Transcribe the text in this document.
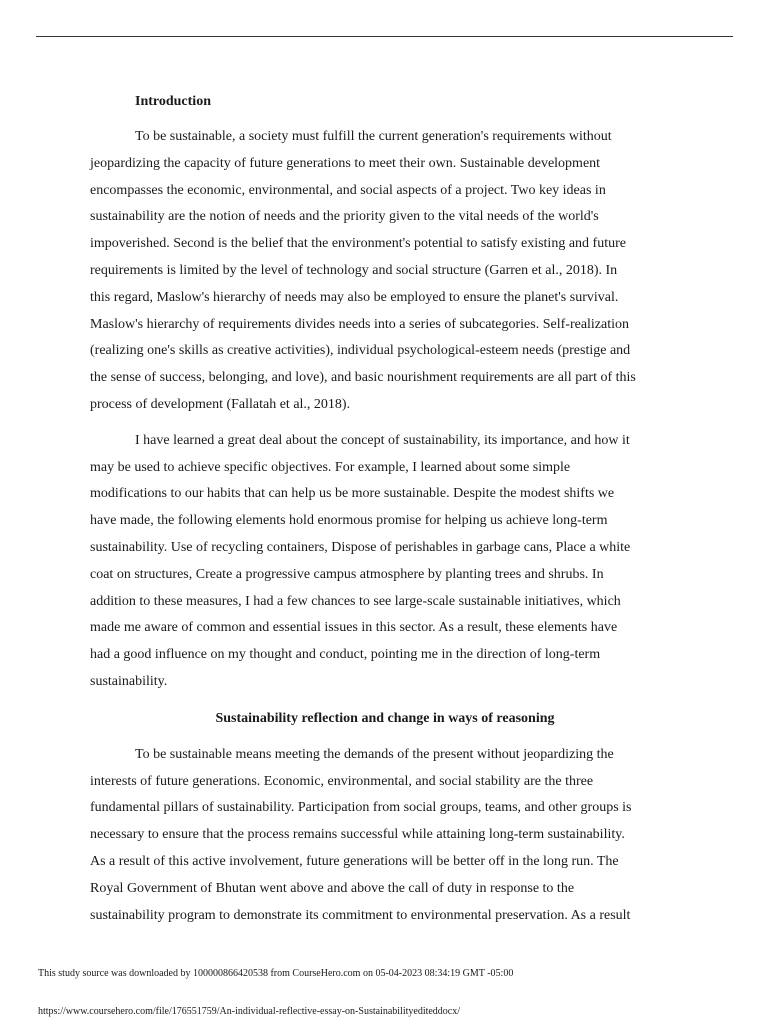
Introduction

To be sustainable, a society must fulfill the current generation's requirements without
jeopardizing the capacity of future generations to meet their own. Sustainable development
encompasses the economic, environmental, and social aspects of a project. Two key ideas in
sustainability are the notion of needs and the priority given to the vital needs of the world's
impoverished. Second is the belief that the environment's potential to satisfy existing and future
requirements is limited by the level of technology and social structure (Garren et al., 2018). In
this regard, Maslow's hierarchy of needs may also be employed to ensure the planet's survival.
Maslow's hierarchy of requirements divides needs into a series of subcategories. Self-realization
(realizing one's skills as creative activities), individual psychological-esteem needs (prestige and
the sense of success, belonging, and love), and basic nourishment requirements are all part of this
process of development (Fallatah et al., 2018).

I have learned a great deal about the concept of sustainability, its importance, and how it
may be used to achieve specific objectives. For example, I learned about some simple
modifications to our habits that can help us be more sustainable. Despite the modest shifts we
have made, the following elements hold enormous promise for helping us achieve long-term
sustainability. Use of recycling containers, Dispose of perishables in garbage cans, Place a white
coat on structures, Create a progressive campus atmosphere by planting trees and shrubs. In
addition to these measures, I had a few chances to see large-scale sustainable initiatives, which
made me aware of common and essential issues in this sector. As a result, these elements have
had a good influence on my thought and conduct, pointing me in the direction of long-term
sustainability.

Sustainability reflection and change in ways of reasoning

To be sustainable means meeting the demands of the present without jeopardizing the
interests of future generations. Economic, environmental, and social stability are the three
fundamental pillars of sustainability. Participation from social groups, teams, and other groups is
necessary to ensure that the process remains successful while attaining long-term sustainability.
As a result of this active involvement, future generations will be better off in the long run. The
Royal Government of Bhutan went above and above the call of duty in response to the
sustainability program to demonstrate its commitment to environmental preservation. As a result

This study source was downloaded by 100000866420538 from CourseHero.com on 05-04-2023 08:34:19 GMT -05:00
https://www.coursehero.com/file/176551759/An-individual-reflective-essay-on-Sustainabilityediteddocx/
